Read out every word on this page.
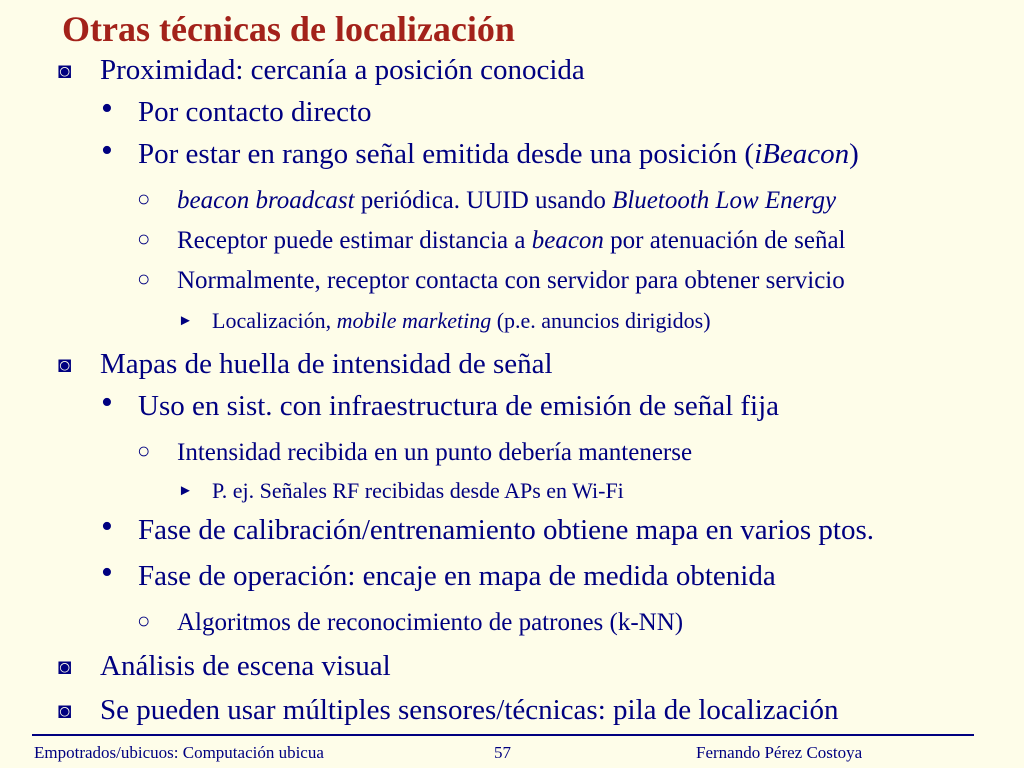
Otras técnicas de localización
◙ Proximidad: cercanía a posición conocida
• Por contacto directo
• Por estar en rango señal emitida desde una posición (iBeacon)
○ beacon broadcast periódica. UUID usando Bluetooth Low Energy
○ Receptor puede estimar distancia a beacon por atenuación de señal
○ Normalmente, receptor contacta con servidor para obtener servicio
► Localización, mobile marketing (p.e. anuncios dirigidos)
◙ Mapas de huella de intensidad de señal
• Uso en sist. con infraestructura de emisión de señal fija
○ Intensidad recibida en un punto debería mantenerse
► P. ej. Señales RF recibidas desde APs en Wi-Fi
• Fase de calibración/entrenamiento obtiene mapa en varios ptos.
• Fase de operación: encaje en mapa de medida obtenida
○ Algoritmos de reconocimiento de patrones (k-NN)
◙ Análisis de escena visual
◙ Se pueden usar múltiples sensores/técnicas: pila de localización
Empotrados/ubicuos: Computación ubicua	57	Fernando Pérez Costoya
